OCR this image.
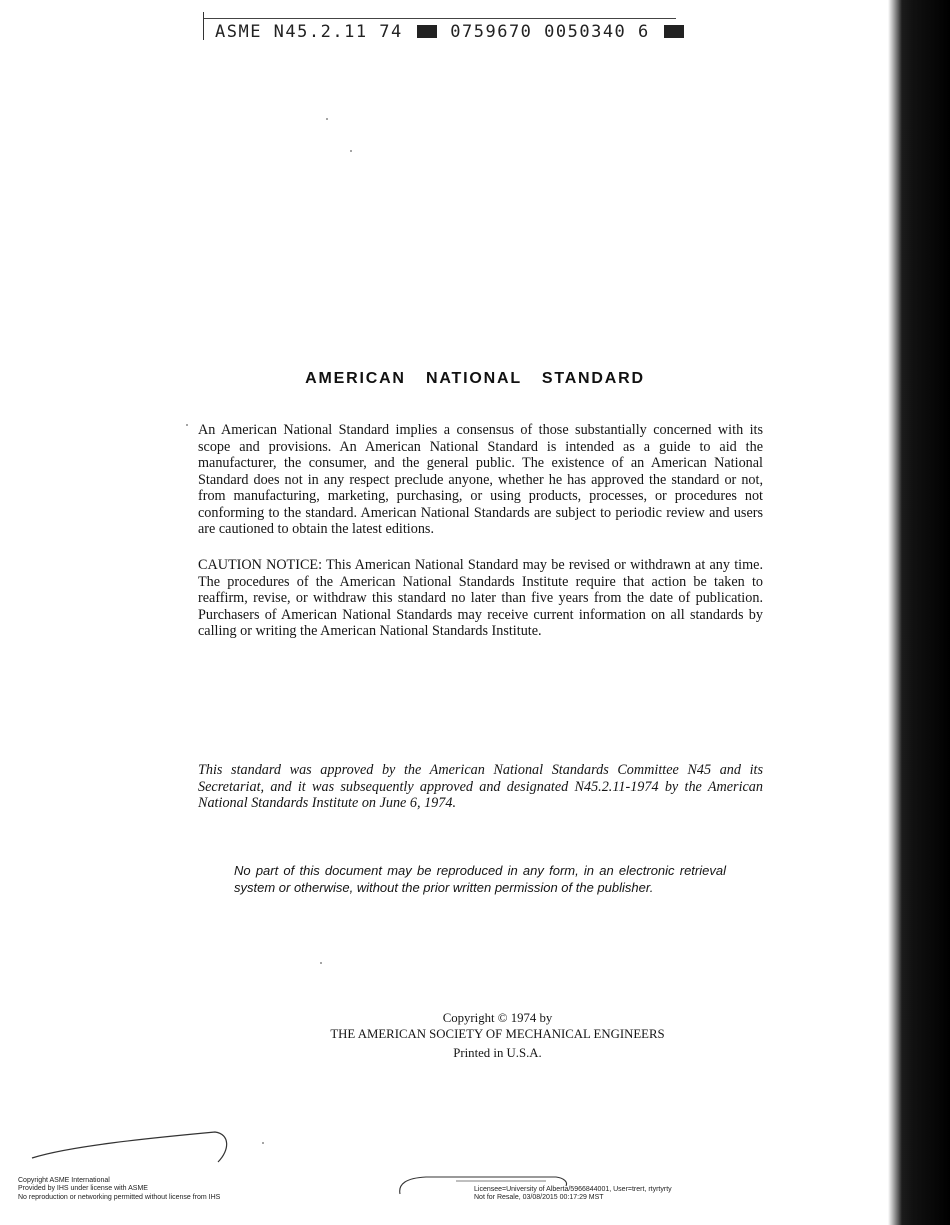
ASME N45.2.11 74	0759670 0050340 6
AMERICAN NATIONAL STANDARD
An American National Standard implies a consensus of those substantially concerned with its scope and provisions. An American National Standard is intended as a guide to aid the manufacturer, the consumer, and the general public. The existence of an American National Standard does not in any respect preclude anyone, whether he has approved the standard or not, from manufacturing, marketing, purchasing, or using products, processes, or procedures not conforming to the standard. American National Standards are subject to periodic review and users are cautioned to obtain the latest editions.
CAUTION NOTICE: This American National Standard may be revised or withdrawn at any time. The procedures of the American National Standards Institute require that action be taken to reaffirm, revise, or withdraw this standard no later than five years from the date of publication. Purchasers of American National Standards may receive current information on all standards by calling or writing the American National Standards Institute.
This standard was approved by the American National Standards Committee N45 and its Secretariat, and it was subsequently approved and designated N45.2.11-1974 by the American National Standards Institute on June 6, 1974.
No part of this document may be reproduced in any form, in an electronic retrieval system or otherwise, without the prior written permission of the publisher.
Copyright © 1974 by
THE AMERICAN SOCIETY OF MECHANICAL ENGINEERS
Printed in U.S.A.
Copyright ASME International
Provided by IHS under license with ASME
No reproduction or networking permitted without license from IHS
Licensee=University of Alberta/5966844001, User=trert, rtyrtyrty
Not for Resale, 03/08/2015 00:17:29 MST
